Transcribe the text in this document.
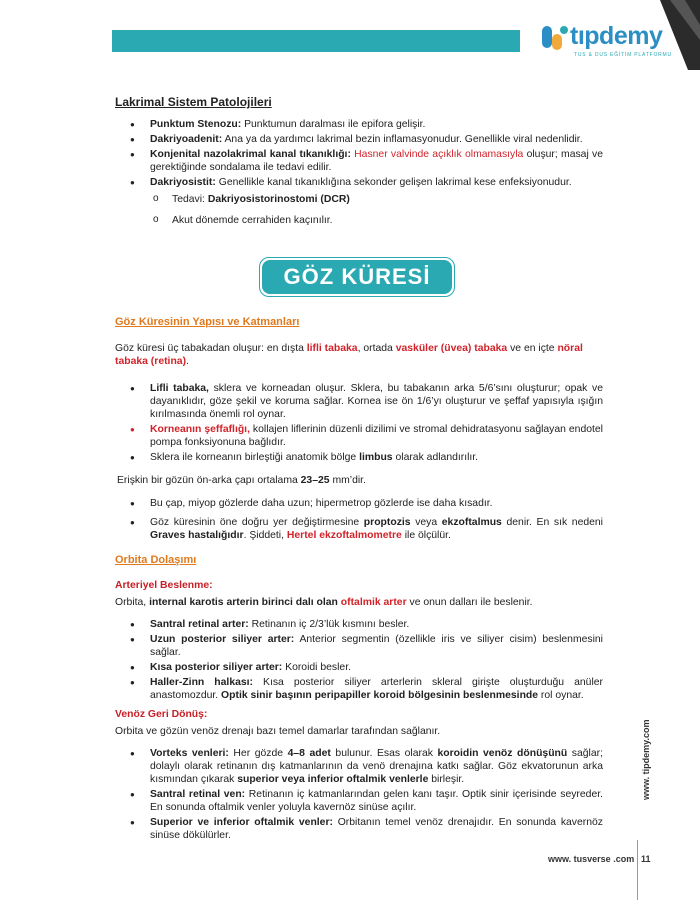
tıpdemy
TUS & DUS EĞİTİM PLATFORMU
Lakrimal Sistem Patolojileri
● Punktum Stenozu: Punktumun daralması ile epifora gelişir.
● Dakriyoadenit: Ana ya da yardımcı lakrimal bezin inflamasyonudur. Genellikle viral nedenlidir.
● Konjenital nazolakrimal kanal tıkanıklığı: Hasner valvinde açıklık olmamasıyla oluşur; masaj ve gerektiğinde sondalama ile tedavi edilir.
● Dakriyosistit: Genellikle kanal tıkanıklığına sekonder gelişen lakrimal kese enfeksiyonudur.
o Tedavi: Dakriyosistorinostomi (DCR)
o Akut dönemde cerrahiden kaçınılır.
GÖZ KÜRESİ
Göz Küresinin Yapısı ve Katmanları

Göz küresi üç tabakadan oluşur: en dışta lifli tabaka, ortada vasküler (üvea) tabaka ve en içte nöral tabaka (retina).

● Lifli tabaka, sklera ve korneadan oluşur. Sklera, bu tabakanın arka 5/6’sını oluşturur; opak ve dayanıklıdır, göze şekil ve koruma sağlar. Kornea ise ön 1/6’yı oluşturur ve şeffaf yapısıyla ışığın kırılmasında önemli rol oynar.
● Korneanın şeffaflığı, kollajen liflerinin düzenli dizilimi ve stromal dehidratasyonu sağlayan endotel pompa fonksiyonuna bağlıdır.
● Sklera ile korneanın birleştiği anatomik bölge limbus olarak adlandırılır.

Erişkin bir gözün ön-arka çapı ortalama 23–25 mm’dir.

● Bu çap, miyop gözlerde daha uzun; hipermetrop gözlerde ise daha kısadır.
● Göz küresinin öne doğru yer değiştirmesine proptozis veya ekzoftalmus denir. En sık nedeni Graves hastalığıdır. Şiddeti, Hertel ekzoftalmometre ile ölçülür.
Orbita Dolaşımı
Arteriyel Beslenme:

Orbita, internal karotis arterin birinci dalı olan oftalmik arter ve onun dalları ile beslenir.

● Santral retinal arter: Retinanın iç 2/3’lük kısmını besler.
● Uzun posterior siliyer arter: Anterior segmentin (özellikle iris ve siliyer cisim) beslenmesini sağlar.
● Kısa posterior siliyer arter: Koroidi besler.
● Haller-Zinn halkası: Kısa posterior siliyer arterlerin skleral girişte oluşturduğu anüler anastomozdur. Optik sinir başının peripapiller koroid bölgesinin beslenmesinde rol oynar.
Venöz Geri Dönüş:

Orbita ve gözün venöz drenajı bazı temel damarlar tarafından sağlanır.

● Vorteks venleri: Her gözde 4–8 adet bulunur. Esas olarak koroidin venöz dönüşünü sağlar; dolaylı olarak retinanın dış katmanlarının da venö drenajına katkı sağlar. Göz ekvatorunun arka kısmından çıkarak superior veya inferior oftalmik venlerle birleşir.
● Santral retinal ven: Retinanın iç katmanlarından gelen kanı taşır. Optik sinir içerisinde seyreder. En sonunda oftalmik venler yoluyla kavernöz sinüse açılır.
● Superior ve inferior oftalmik venler: Orbitanın temel venöz drenajıdır. En sonunda kavernöz sinüse dökülürler.
www. tipdemy.com
www. tusverse .com 11
